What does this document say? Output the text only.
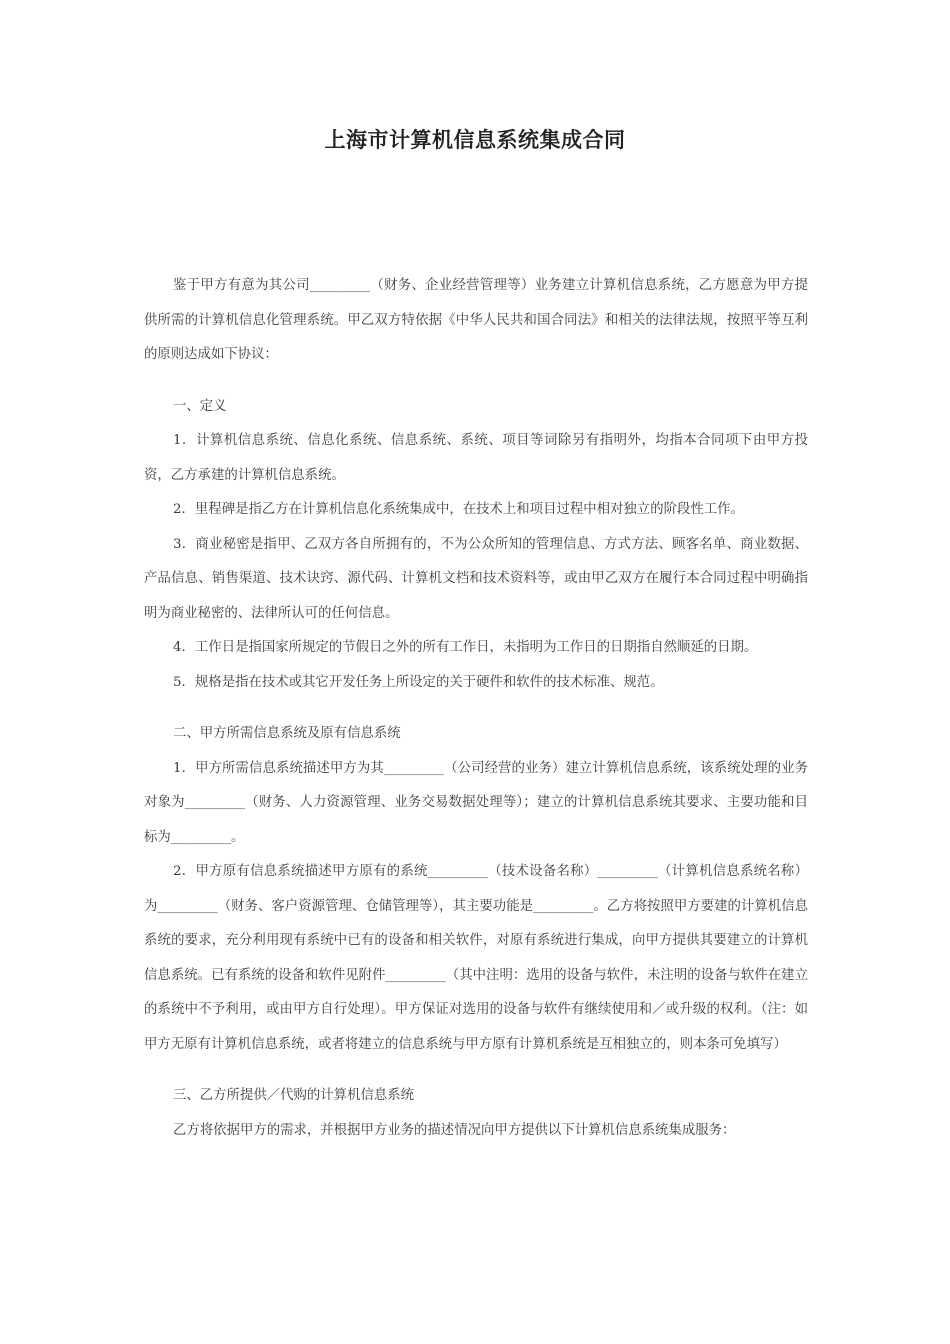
上海市计算机信息系统集成合同

鉴于甲方有意为其公司_________（财务、企业经营管理等）业务建立计算机信息系统，乙方愿意为甲方提供所需的计算机信息化管理系统。甲乙双方特依据《中华人民共和国合同法》和相关的法律法规，按照平等互利的原则达成如下协议：

一、定义

1．计算机信息系统、信息化系统、信息系统、系统、项目等词除另有指明外，均指本合同项下由甲方投资，乙方承建的计算机信息系统。

2．里程碑是指乙方在计算机信息化系统集成中，在技术上和项目过程中相对独立的阶段性工作。

3．商业秘密是指甲、乙双方各自所拥有的，不为公众所知的管理信息、方式方法、顾客名单、商业数据、产品信息、销售渠道、技术诀窍、源代码、计算机文档和技术资料等，或由甲乙双方在履行本合同过程中明确指明为商业秘密的、法律所认可的任何信息。

4．工作日是指国家所规定的节假日之外的所有工作日，未指明为工作日的日期指自然顺延的日期。

5．规格是指在技术或其它开发任务上所设定的关于硬件和软件的技术标准、规范。

二、甲方所需信息系统及原有信息系统

1．甲方所需信息系统描述甲方为其_________（公司经营的业务）建立计算机信息系统，该系统处理的业务对象为_________（财务、人力资源管理、业务交易数据处理等）；建立的计算机信息系统其要求、主要功能和目标为_________。

2．甲方原有信息系统描述甲方原有的系统_________（技术设备名称）_________（计算机信息系统名称）为_________（财务、客户资源管理、仓储管理等），其主要功能是_________。乙方将按照甲方要建的计算机信息系统的要求，充分利用现有系统中已有的设备和相关软件，对原有系统进行集成，向甲方提供其要建立的计算机信息系统。已有系统的设备和软件见附件_________（其中注明：选用的设备与软件，未注明的设备与软件在建立的系统中不予利用，或由甲方自行处理）。甲方保证对选用的设备与软件有继续使用和／或升级的权利。（注：如甲方无原有计算机信息系统，或者将建立的信息系统与甲方原有计算机系统是互相独立的，则本条可免填写）

三、乙方所提供／代购的计算机信息系统

乙方将依据甲方的需求，并根据甲方业务的描述情况向甲方提供以下计算机信息系统集成服务：
